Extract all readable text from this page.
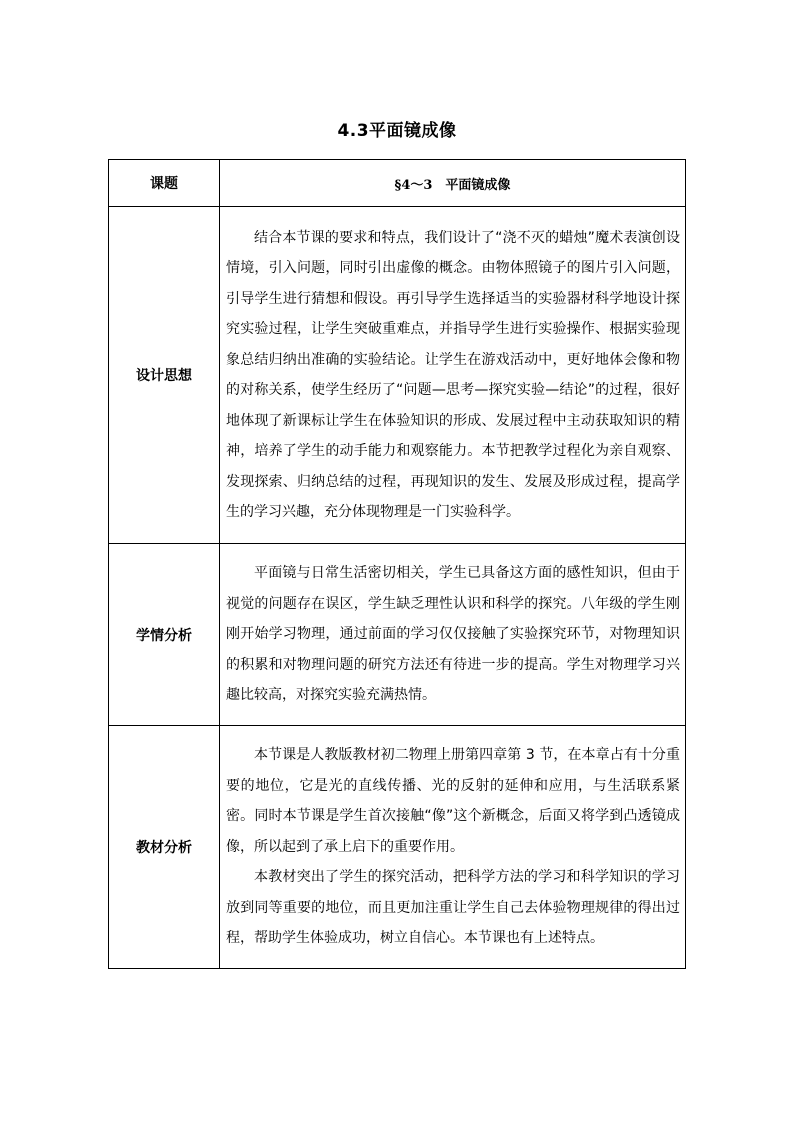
4.3平面镜成像
课题	§4～3　平面镜成像
设计思想	结合本节课的要求和特点，我们设计了“浇不灭的蜡烛”魔术表演创设情境，引入问题，同时引出虚像的概念。由物体照镜子的图片引入问题，引导学生进行猜想和假设。再引导学生选择适当的实验器材科学地设计探究实验过程，让学生突破重难点，并指导学生进行实验操作、根据实验现象总结归纳出准确的实验结论。让学生在游戏活动中，更好地体会像和物的对称关系，使学生经历了“问题—思考—探究实验—结论”的过程，很好地体现了新课标让学生在体验知识的形成、发展过程中主动获取知识的精神，培养了学生的动手能力和观察能力。本节把教学过程化为亲自观察、发现探索、归纳总结的过程，再现知识的发生、发展及形成过程，提高学生的学习兴趣，充分体现物理是一门实验科学。

学情分析	平面镜与日常生活密切相关，学生已具备这方面的感性知识，但由于视觉的问题存在误区，学生缺乏理性认识和科学的探究。八年级的学生刚刚开始学习物理，通过前面的学习仅仅接触了实验探究环节，对物理知识的积累和对物理问题的研究方法还有待进一步的提高。学生对物理学习兴趣比较高，对探究实验充满热情。

教材分析	本节课是人教版教材初二物理上册第四章第 3 节，在本章占有十分重要的地位，它是光的直线传播、光的反射的延伸和应用，与生活联系紧密。同时本节课是学生首次接触“像”这个新概念，后面又将学到凸透镜成像，所以起到了承上启下的重要作用。

本教材突出了学生的探究活动，把科学方法的学习和科学知识的学习放到同等重要的地位，而且更加注重让学生自己去体验物理规律的得出过程，帮助学生体验成功，树立自信心。本节课也有上述特点。
